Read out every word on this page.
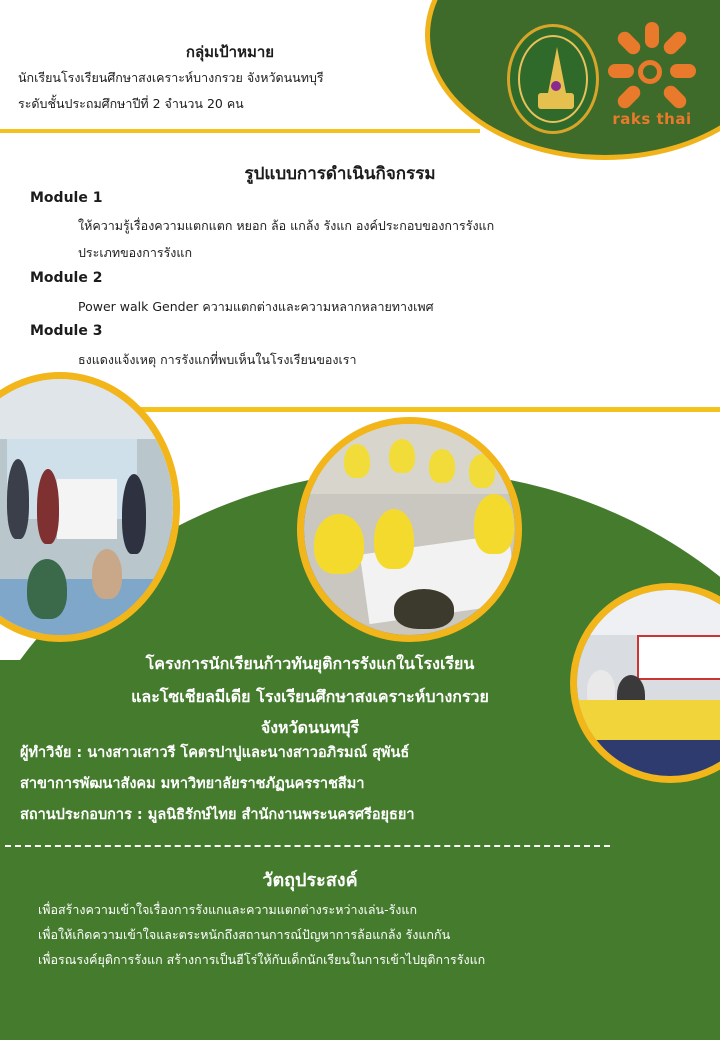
raks thai
กลุ่มเป้าหมาย
นักเรียนโรงเรียนศึกษาสงเคราะห์บางกรวย จังหวัดนนทบุรี
ระดับชั้นประถมศึกษาปีที่ 2 จำนวน 20 คน
รูปแบบการดำเนินกิจกรรม
Module 1
ให้ความรู้เรื่องความแตกแตก หยอก ล้อ แกล้ง รังแก องค์ประกอบของการรังแก
ประเภทของการรังแก
Module 2
Power walk Gender ความแตกต่างและความหลากหลายทางเพศ
Module 3
ธงแดงแจ้งเหตุ การรังแกที่พบเห็นในโรงเรียนของเรา
โครงการนักเรียนก้าวทันยุติการรังแกในโรงเรียน
และโซเชียลมีเดีย โรงเรียนศึกษาสงเคราะห์บางกรวย
จังหวัดนนทบุรี
ผู้ทำวิจัย : นางสาวเสาวรี โคตรปาบู่และนางสาวอภิรมณ์ สุพันธ์
สาขาการพัฒนาสังคม มหาวิทยาลัยราชภัฏนครราชสีมา
สถานประกอบการ : มูลนิธิรักษ์ไทย สำนักงานพระนครศรีอยุธยา
วัตถุประสงค์
เพื่อสร้างความเข้าใจเรื่องการรังแกและความแตกต่างระหว่างเล่น-รังแก
เพื่อให้เกิดความเข้าใจและตระหนักถึงสถานการณ์ปัญหาการล้อแกล้ง รังแกกัน
เพื่อรณรงค์ยุติการรังแก สร้างการเป็นฮีโร่ให้กับเด็กนักเรียนในการเข้าไปยุติการรังแก
